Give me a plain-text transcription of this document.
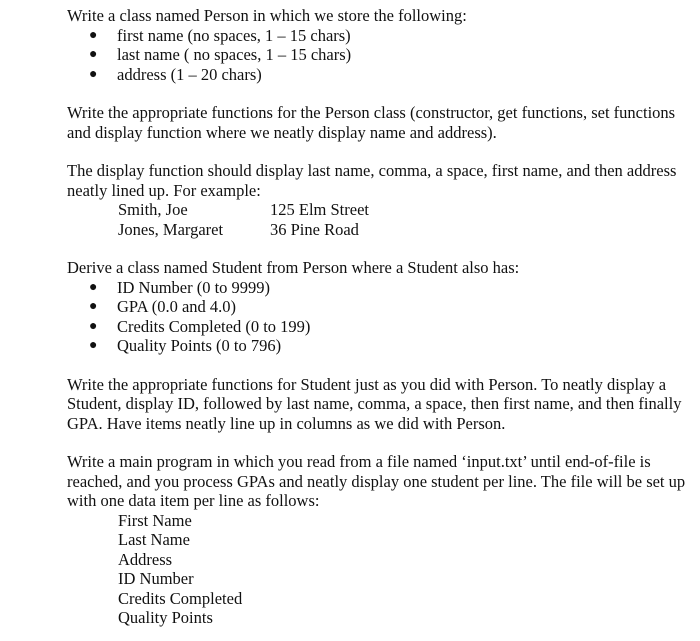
Write a class named Person in which we store the following:

● first name (no spaces, 1 – 15 chars)
● last name ( no spaces, 1 – 15 chars)
● address (1 – 20 chars)

Write the appropriate functions for the Person class (constructor, get functions, set functions and display function where we neatly display name and address).

The display function should display last name, comma, a space, first name, and then address neatly lined up. For example:

Smith, Joe	125 Elm Street
Jones, Margaret	36 Pine Road

Derive a class named Student from Person where a Student also has:

● ID Number (0 to 9999)
● GPA (0.0 and 4.0)
● Credits Completed (0 to 199)
● Quality Points (0 to 796)

Write the appropriate functions for Student just as you did with Person. To neatly display a Student, display ID, followed by last name, comma, a space, then first name, and then finally GPA. Have items neatly line up in columns as we did with Person.

Write a main program in which you read from a file named ‘input.txt’ until end-of-file is reached, and you process GPAs and neatly display one student per line. The file will be set up with one data item per line as follows:

First Name
Last Name
Address
ID Number
Credits Completed
Quality Points
